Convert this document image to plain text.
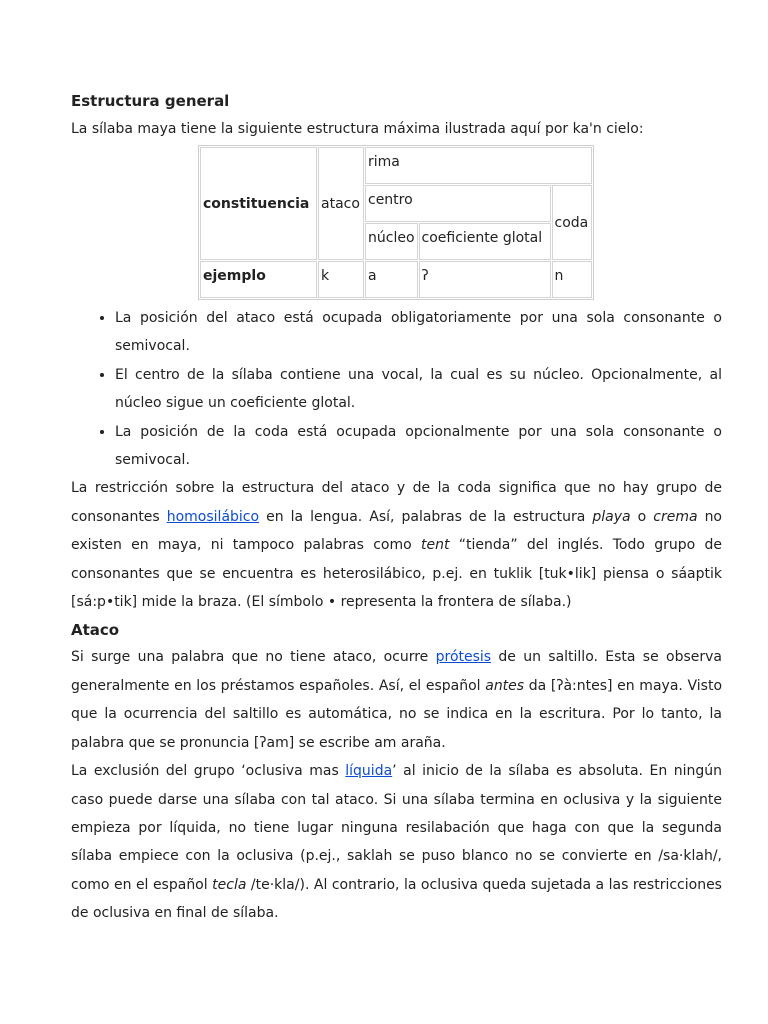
Estructura general

La sílaba maya tiene la siguiente estructura máxima ilustrada aquí por ka'n cielo:

constituencia	ataco	rima		
		centro		coda
		núcleo	coeficiente glotal	
ejemplo	k	a	ʔ	n
• La posición del ataco está ocupada obligatoriamente por una sola consonante o semivocal.
• El centro de la sílaba contiene una vocal, la cual es su núcleo. Opcionalmente, al núcleo sigue un coeficiente glotal.
• La posición de la coda está ocupada opcionalmente por una sola consonante o semivocal.

La restricción sobre la estructura del ataco y de la coda significa que no hay grupo de consonantes homosilábico en la lengua. Así, palabras de la estructura playa o crema no existen en maya, ni tampoco palabras como tent “tienda” del inglés. Todo grupo de consonantes que se encuentra es heterosilábico, p.ej. en tuklik [tuk•lik] piensa o sáaptik [sá:p•tik] mide la braza. (El símbolo • representa la frontera de sílaba.)

Ataco

Si surge una palabra que no tiene ataco, ocurre prótesis de un saltillo. Esta se observa generalmente en los préstamos españoles. Así, el español antes da [ʔà:ntes] en maya. Visto que la ocurrencia del saltillo es automática, no se indica en la escritura. Por lo tanto, la palabra que se pronuncia [ʔam] se escribe am araña.

La exclusión del grupo ‘oclusiva mas líquida’ al inicio de la sílaba es absoluta. En ningún caso puede darse una sílaba con tal ataco. Si una sílaba termina en oclusiva y la siguiente empieza por líquida, no tiene lugar ninguna resilabación que haga con que la segunda sílaba empiece con la oclusiva (p.ej., saklah se puso blanco no se convierte en /sa·klah/, como en el español tecla /te·kla/). Al contrario, la oclusiva queda sujetada a las restricciones de oclusiva en final de sílaba.
